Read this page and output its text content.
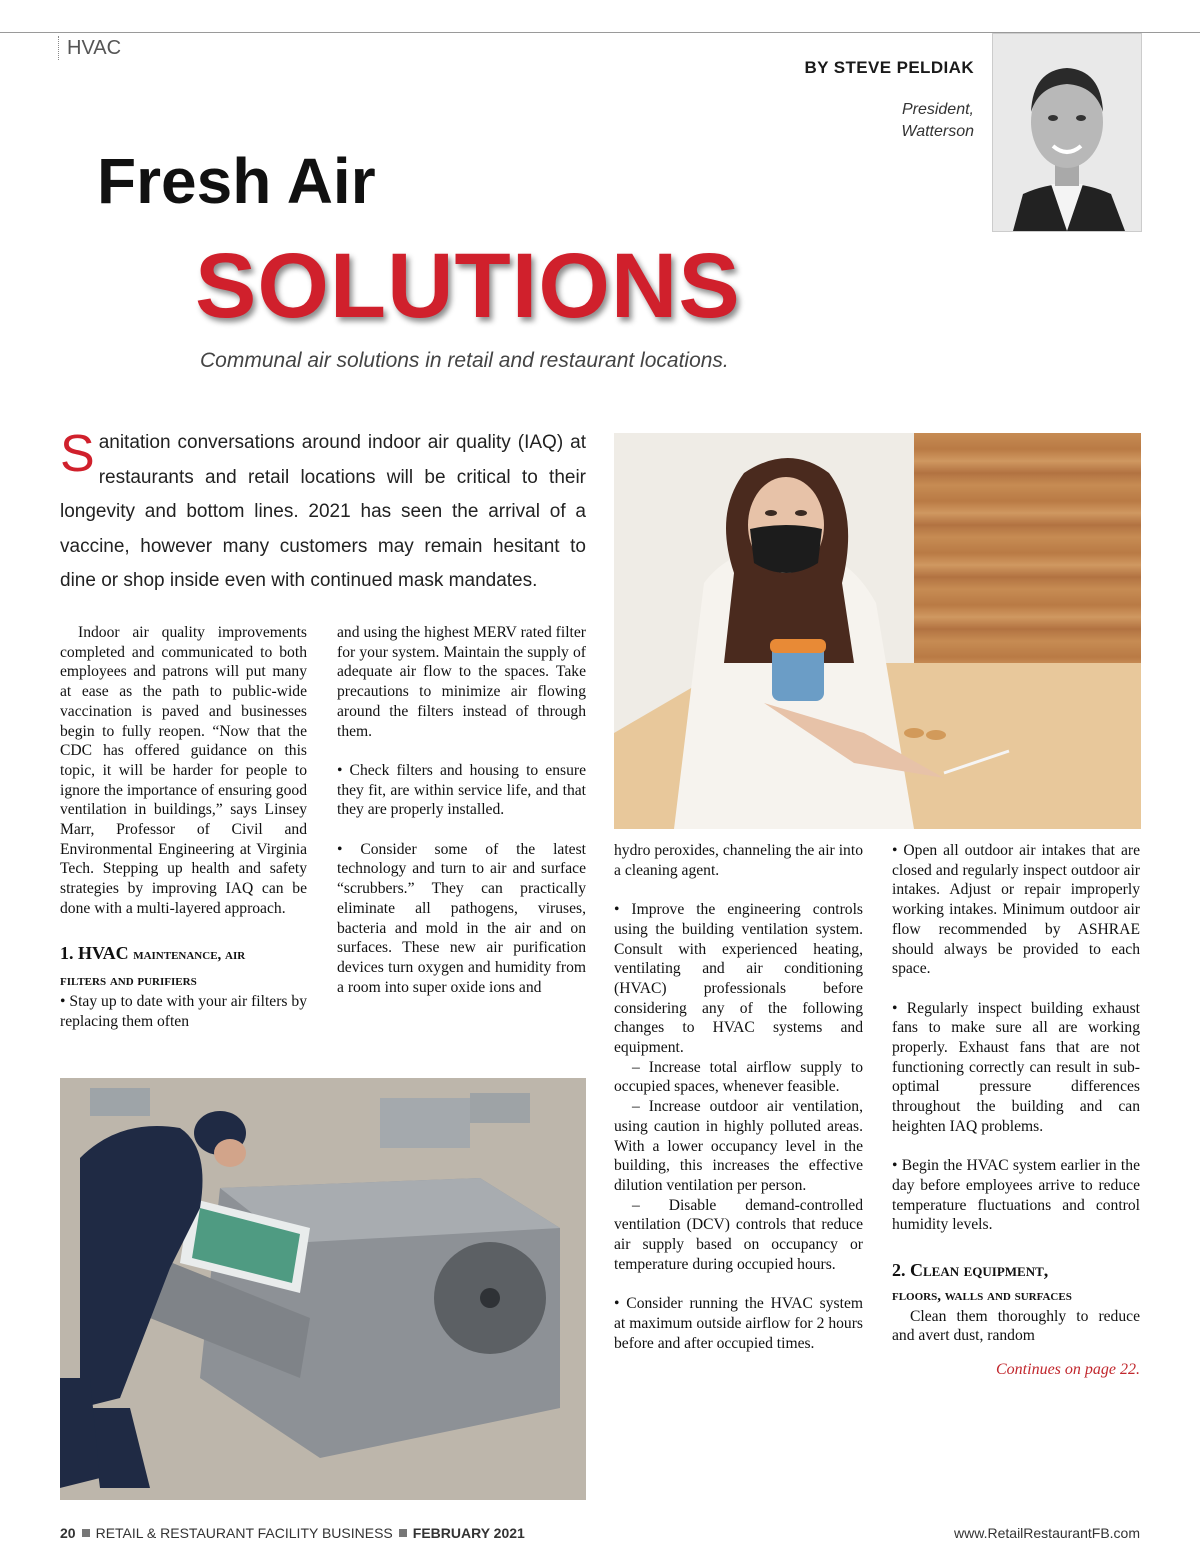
HVAC
BY STEVE PELDIAK
President,
Watterson
Fresh Air
SOLUTIONS
Communal air solutions in retail and restaurant locations.
Sanitation conversations around indoor air quality (IAQ) at restaurants and retail locations will be critical to their longevity and bottom lines. 2021 has seen the arrival of a vaccine, however many customers may remain hesitant to dine or shop inside even with continued mask mandates.

Indoor air quality improvements completed and communicated to both employees and patrons will put many at ease as the path to public-wide vaccination is paved and businesses begin to fully reopen. “Now that the CDC has offered guidance on this topic, it will be harder for people to ignore the importance of ensuring good ventilation in buildings,” says Linsey Marr, Professor of Civil and Environmental Engineering at Virginia Tech. Stepping up health and safety strategies by improving IAQ can be done with a multi-layered approach.

1. HVAC maintenance, air
filters and purifiers

• Stay up to date with your air filters by replacing them often

and using the highest MERV rated filter for your system. Maintain the supply of adequate air flow to the spaces. Take precautions to minimize air flowing around the filters instead of through them.

• Check filters and housing to ensure they fit, are within service life, and that they are properly installed.

• Consider some of the latest technology and turn to air and surface “scrubbers.” They can practically eliminate all pathogens, viruses, bacteria and mold in the air and on surfaces. These new air purification devices turn oxygen and humidity from a room into super oxide ions and

hydro peroxides, channeling the air into a cleaning agent.

• Improve the engineering controls using the building ventilation system. Consult with experienced heating, ventilating and air conditioning (HVAC) professionals before considering any of the following changes to HVAC systems and equipment.

– Increase total airflow supply to occupied spaces, whenever feasible.

– Increase outdoor air ventilation, using caution in highly polluted areas. With a lower occupancy level in the building, this increases the effective dilution ventilation per person.

– Disable demand-controlled ventilation (DCV) controls that reduce air supply based on occupancy or temperature during occupied hours.

• Consider running the HVAC system at maximum outside airflow for 2 hours before and after occupied times.

• Open all outdoor air intakes that are closed and regularly inspect outdoor air intakes. Adjust or repair improperly working intakes. Minimum outdoor air flow recommended by ASHRAE should always be provided to each space.

• Regularly inspect building exhaust fans to make sure all are working properly. Exhaust fans that are not functioning correctly can result in sub-optimal pressure differences throughout the building and can heighten IAQ problems.

• Begin the HVAC system earlier in the day before employees arrive to reduce temperature fluctuations and control humidity levels.

2. Clean equipment,
floors, walls and surfaces

Clean them thoroughly to reduce and avert dust, random

Continues on page 22.

20 RETAIL & RESTAURANT FACILITY BUSINESS FEBRUARY 2021	www.RetailRestaurantFB.com
